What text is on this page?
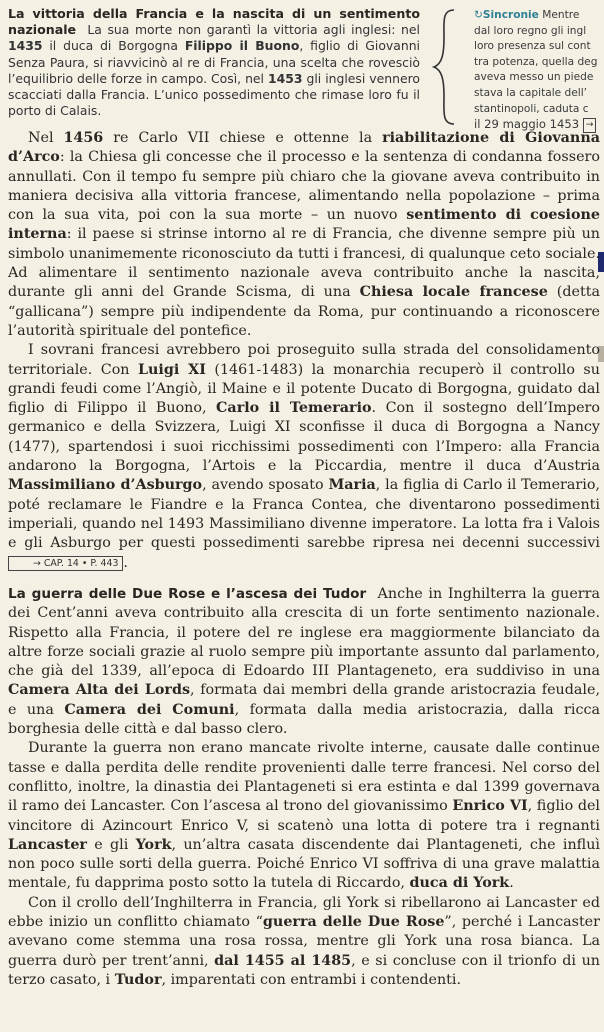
La vittoria della Francia e la nascita di un sentimento nazionale La sua morte non garantì la vittoria agli inglesi: nel 1435 il duca di Borgogna Filippo il Buono, figlio di Giovanni Senza Paura, si riavvicinò al re di Francia, una scelta che rovesciò l’equilibrio delle forze in campo. Così, nel 1453 gli inglesi vennero scacciati dalla Francia. L’unico possedimento che rimase loro fu il porto di Calais.

↻Sincronie Mentre
dal loro regno gli ingl
loro presenza sul cont
tra potenza, quella deg
aveva messo un piede
stava la capitale dell’
stantinopoli, caduta c
il 29 maggio 1453 →

Nel 1456 re Carlo VII chiese e ottenne la riabilitazione di Giovanna d’Arco: la Chiesa gli concesse che il processo e la sentenza di condanna fossero annullati. Con il tempo fu sempre più chiaro che la giovane aveva contribuito in maniera decisiva alla vittoria francese, alimentando nella popolazione – prima con la sua vita, poi con la sua morte – un nuovo sentimento di coesione interna: il paese si strinse intorno al re di Francia, che divenne sempre più un simbolo unanimemente riconosciuto da tutti i francesi, di qualunque ceto sociale. Ad alimentare il sentimento nazionale aveva contribuito anche la nascita, durante gli anni del Grande Scisma, di una Chiesa locale francese (detta “gallicana”) sempre più indipendente da Roma, pur continuando a riconoscere l’autorità spirituale del pontefice.

I sovrani francesi avrebbero poi proseguito sulla strada del consolidamento territoriale. Con Luigi XI (1461-1483) la monarchia recuperò il controllo su grandi feudi come l’Angiò, il Maine e il potente Ducato di Borgogna, guidato dal figlio di Filippo il Buono, Carlo il Temerario. Con il sostegno dell’Impero germanico e della Svizzera, Luigi XI sconfisse il duca di Borgogna a Nancy (1477), spartendosi i suoi ricchissimi possedimenti con l’Impero: alla Francia andarono la Borgogna, l’Artois e la Piccardia, mentre il duca d’Austria Massimiliano d’Asburgo, avendo sposato Maria, la figlia di Carlo il Temerario, poté reclamare le Fiandre e la Franca Contea, che diventarono possedimenti imperiali, quando nel 1493 Massimiliano divenne imperatore. La lotta fra i Valois e gli Asburgo per questi possedimenti sarebbe ripresa nei decenni successivi → CAP. 14 • P. 443 .

La guerra delle Due Rose e l’ascesa dei Tudor Anche in Inghilterra la guerra dei Cent’anni aveva contribuito alla crescita di un forte sentimento nazionale. Rispetto alla Francia, il potere del re inglese era maggiormente bilanciato da altre forze sociali grazie al ruolo sempre più importante assunto dal parlamento, che già del 1339, all’epoca di Edoardo III Plantageneto, era suddiviso in una Camera Alta dei Lords, formata dai membri della grande aristocrazia feudale, e una Camera dei Comuni, formata dalla media aristocrazia, dalla ricca borghesia delle città e dal basso clero.

Durante la guerra non erano mancate rivolte interne, causate dalle continue tasse e dalla perdita delle rendite provenienti dalle terre francesi. Nel corso del conflitto, inoltre, la dinastia dei Plantageneti si era estinta e dal 1399 governava il ramo dei Lancaster. Con l’ascesa al trono del giovanissimo Enrico VI, figlio del vincitore di Azincourt Enrico V, si scatenò una lotta di potere tra i regnanti Lancaster e gli York, un’altra casata discendente dai Plantageneti, che influì non poco sulle sorti della guerra. Poiché Enrico VI soffriva di una grave malattia mentale, fu dapprima posto sotto la tutela di Riccardo, duca di York.

Con il crollo dell’Inghilterra in Francia, gli York si ribellarono ai Lancaster ed ebbe inizio un conflitto chiamato “guerra delle Due Rose”, perché i Lancaster avevano come stemma una rosa rossa, mentre gli York una rosa bianca. La guerra durò per trent’anni, dal 1455 al 1485, e si concluse con il trionfo di un terzo casato, i Tudor, imparentati con entrambi i contendenti.
